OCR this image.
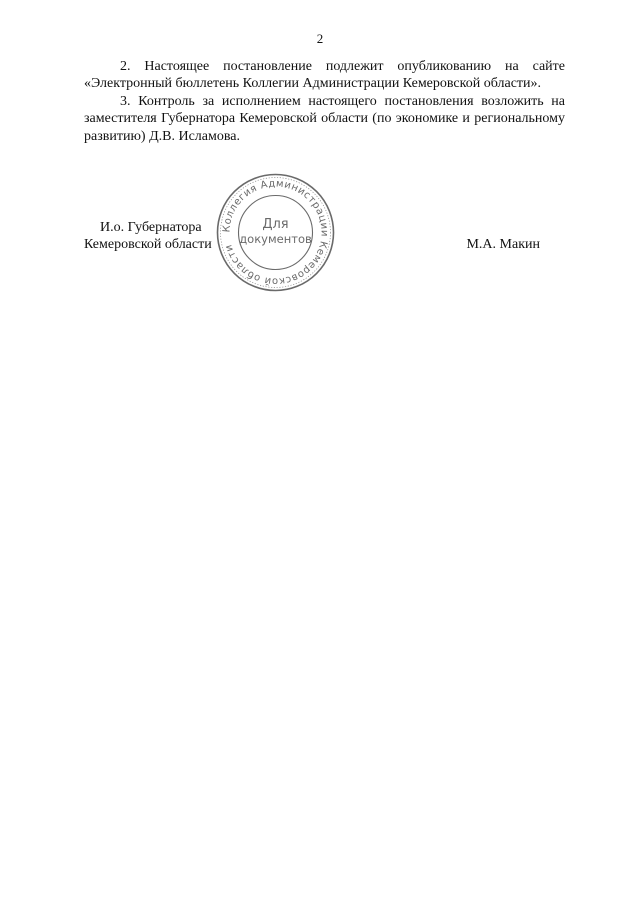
2

2. Настоящее постановление подлежит опубликованию на сайте «Электронный бюллетень Коллегии Администрации Кемеровской области».

3. Контроль за исполнением настоящего постановления возложить на заместителя Губернатора Кемеровской области (по экономике и региональному развитию) Д.В. Исламова.

И.о. Губернатора
Кемеровской области	М.А. Макин
Коллегия Администрации Кемеровской области
Для
документов
